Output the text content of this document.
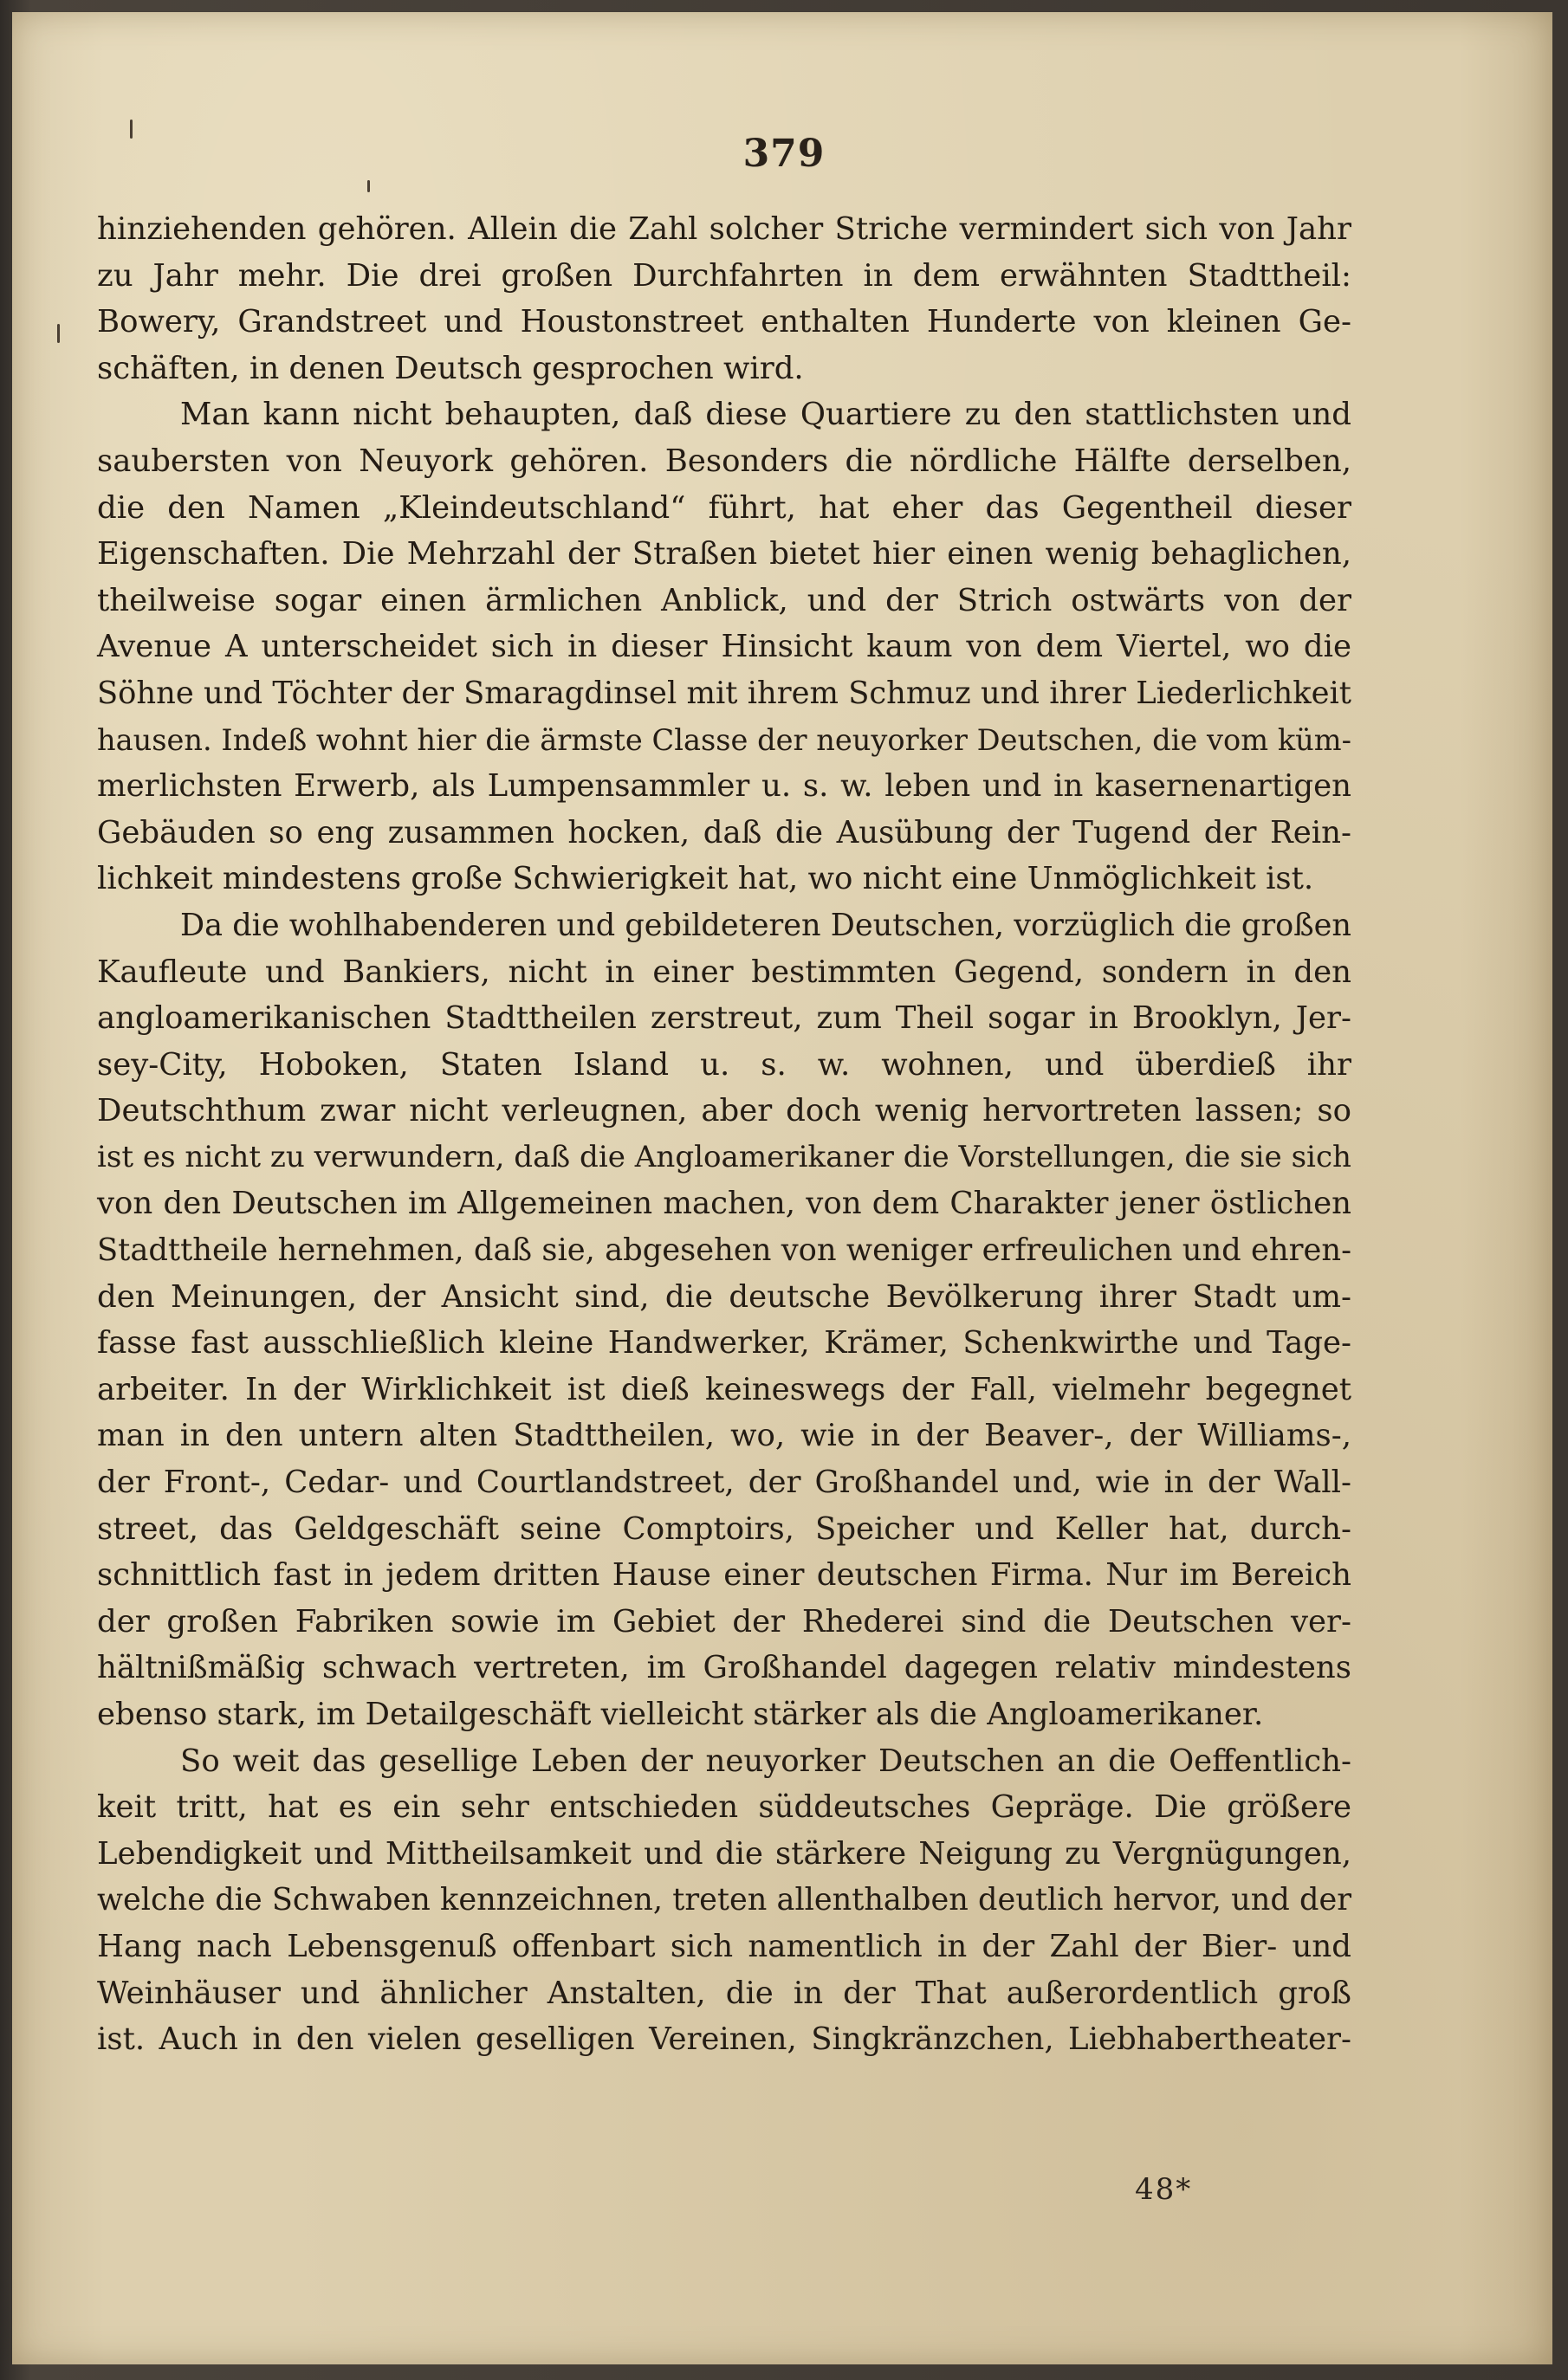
379
hinziehenden gehören. Allein die Zahl solcher Striche vermindert sich von Jahr
zu Jahr mehr. Die drei großen Durchfahrten in dem erwähnten Stadttheil:
Bowery, Grandstreet und Houstonstreet enthalten Hunderte von kleinen Ge-
schäften, in denen Deutsch gesprochen wird.
Man kann nicht behaupten, daß diese Quartiere zu den stattlichsten und
saubersten von Neuyork gehören. Besonders die nördliche Hälfte derselben,
die den Namen „Kleindeutschland“ führt, hat eher das Gegentheil dieser
Eigenschaften. Die Mehrzahl der Straßen bietet hier einen wenig behaglichen,
theilweise sogar einen ärmlichen Anblick, und der Strich ostwärts von der
Avenue A unterscheidet sich in dieser Hinsicht kaum von dem Viertel, wo die
Söhne und Töchter der Smaragdinsel mit ihrem Schmuz und ihrer Liederlichkeit
hausen. Indeß wohnt hier die ärmste Classe der neuyorker Deutschen, die vom küm-
merlichsten Erwerb, als Lumpensammler u. s. w. leben und in kasernenartigen
Gebäuden so eng zusammen hocken, daß die Ausübung der Tugend der Rein-
lichkeit mindestens große Schwierigkeit hat, wo nicht eine Unmöglichkeit ist.
Da die wohlhabenderen und gebildeteren Deutschen, vorzüglich die großen
Kaufleute und Bankiers, nicht in einer bestimmten Gegend, sondern in den
angloamerikanischen Stadttheilen zerstreut, zum Theil sogar in Brooklyn, Jer-
sey-City, Hoboken, Staten Island u. s. w. wohnen, und überdieß ihr
Deutschthum zwar nicht verleugnen, aber doch wenig hervortreten lassen; so
ist es nicht zu verwundern, daß die Angloamerikaner die Vorstellungen, die sie sich
von den Deutschen im Allgemeinen machen, von dem Charakter jener östlichen
Stadttheile hernehmen, daß sie, abgesehen von weniger erfreulichen und ehren-
den Meinungen, der Ansicht sind, die deutsche Bevölkerung ihrer Stadt um-
fasse fast ausschließlich kleine Handwerker, Krämer, Schenkwirthe und Tage-
arbeiter. In der Wirklichkeit ist dieß keineswegs der Fall, vielmehr begegnet
man in den untern alten Stadttheilen, wo, wie in der Beaver-, der Williams-,
der Front-, Cedar- und Courtlandstreet, der Großhandel und, wie in der Wall-
street, das Geldgeschäft seine Comptoirs, Speicher und Keller hat, durch-
schnittlich fast in jedem dritten Hause einer deutschen Firma. Nur im Bereich
der großen Fabriken sowie im Gebiet der Rhederei sind die Deutschen ver-
hältnißmäßig schwach vertreten, im Großhandel dagegen relativ mindestens
ebenso stark, im Detailgeschäft vielleicht stärker als die Angloamerikaner.
So weit das gesellige Leben der neuyorker Deutschen an die Oeffentlich-
keit tritt, hat es ein sehr entschieden süddeutsches Gepräge. Die größere
Lebendigkeit und Mittheilsamkeit und die stärkere Neigung zu Vergnügungen,
welche die Schwaben kennzeichnen, treten allenthalben deutlich hervor, und der
Hang nach Lebensgenuß offenbart sich namentlich in der Zahl der Bier- und
Weinhäuser und ähnlicher Anstalten, die in der That außerordentlich groß
ist. Auch in den vielen geselligen Vereinen, Singkränzchen, Liebhabertheater-
48*
